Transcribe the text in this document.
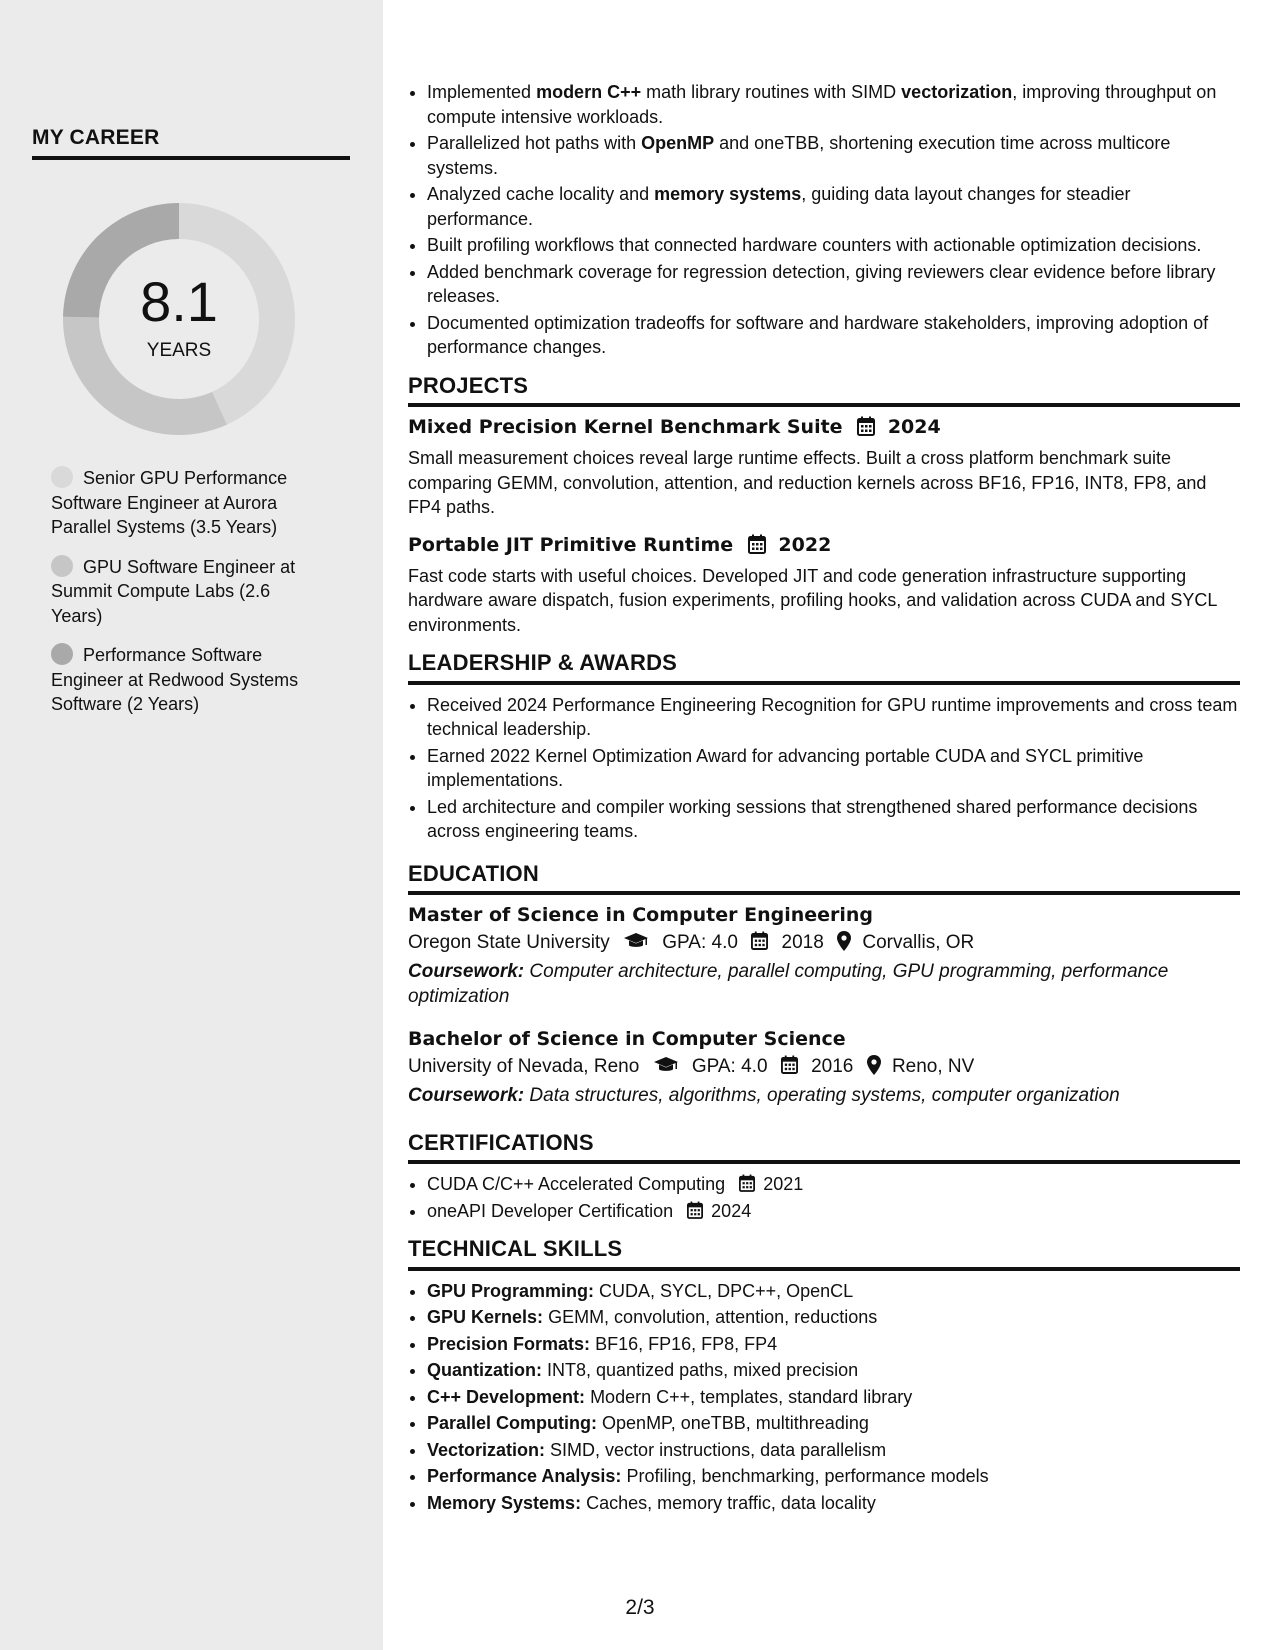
MY CAREER
8.1
YEARS
Senior GPU Performance Software Engineer at Aurora Parallel Systems (3.5 Years)
GPU Software Engineer at Summit Compute Labs (2.6 Years)
Performance Software Engineer at Redwood Systems Software (2 Years)
• Implemented modern C++ math library routines with SIMD vectorization, improving throughput on compute intensive workloads.
• Parallelized hot paths with OpenMP and oneTBB, shortening execution time across multicore systems.
• Analyzed cache locality and memory systems, guiding data layout changes for steadier performance.
• Built profiling workflows that connected hardware counters with actionable optimization decisions.
• Added benchmark coverage for regression detection, giving reviewers clear evidence before library releases.
• Documented optimization tradeoffs for software and hardware stakeholders, improving adoption of performance changes.
PROJECTS
Mixed Precision Kernel Benchmark Suite 2024
Small measurement choices reveal large runtime effects. Built a cross platform benchmark suite comparing GEMM, convolution, attention, and reduction kernels across BF16, FP16, INT8, FP8, and FP4 paths.
Portable JIT Primitive Runtime 2022
Fast code starts with useful choices. Developed JIT and code generation infrastructure supporting hardware aware dispatch, fusion experiments, profiling hooks, and validation across CUDA and SYCL environments.
LEADERSHIP & AWARDS
• Received 2024 Performance Engineering Recognition for GPU runtime improvements and cross team technical leadership.
• Earned 2022 Kernel Optimization Award for advancing portable CUDA and SYCL primitive implementations.
• Led architecture and compiler working sessions that strengthened shared performance decisions across engineering teams.
EDUCATION
Master of Science in Computer Engineering
Oregon State University	GPA: 4.0 2018 Corvallis, OR
Coursework: Computer architecture, parallel computing, GPU programming, performance optimization
Bachelor of Science in Computer Science
University of Nevada, Reno	GPA: 4.0 2016 Reno, NV
Coursework: Data structures, algorithms, operating systems, computer organization
CERTIFICATIONS
• CUDA C/C++ Accelerated Computing 2021
• oneAPI Developer Certification 2024
TECHNICAL SKILLS
• GPU Programming: CUDA, SYCL, DPC++, OpenCL
• GPU Kernels: GEMM, convolution, attention, reductions
• Precision Formats: BF16, FP16, FP8, FP4
• Quantization: INT8, quantized paths, mixed precision
• C++ Development: Modern C++, templates, standard library
• Parallel Computing: OpenMP, oneTBB, multithreading
• Vectorization: SIMD, vector instructions, data parallelism
• Performance Analysis: Profiling, benchmarking, performance models
• Memory Systems: Caches, memory traffic, data locality
2/3
